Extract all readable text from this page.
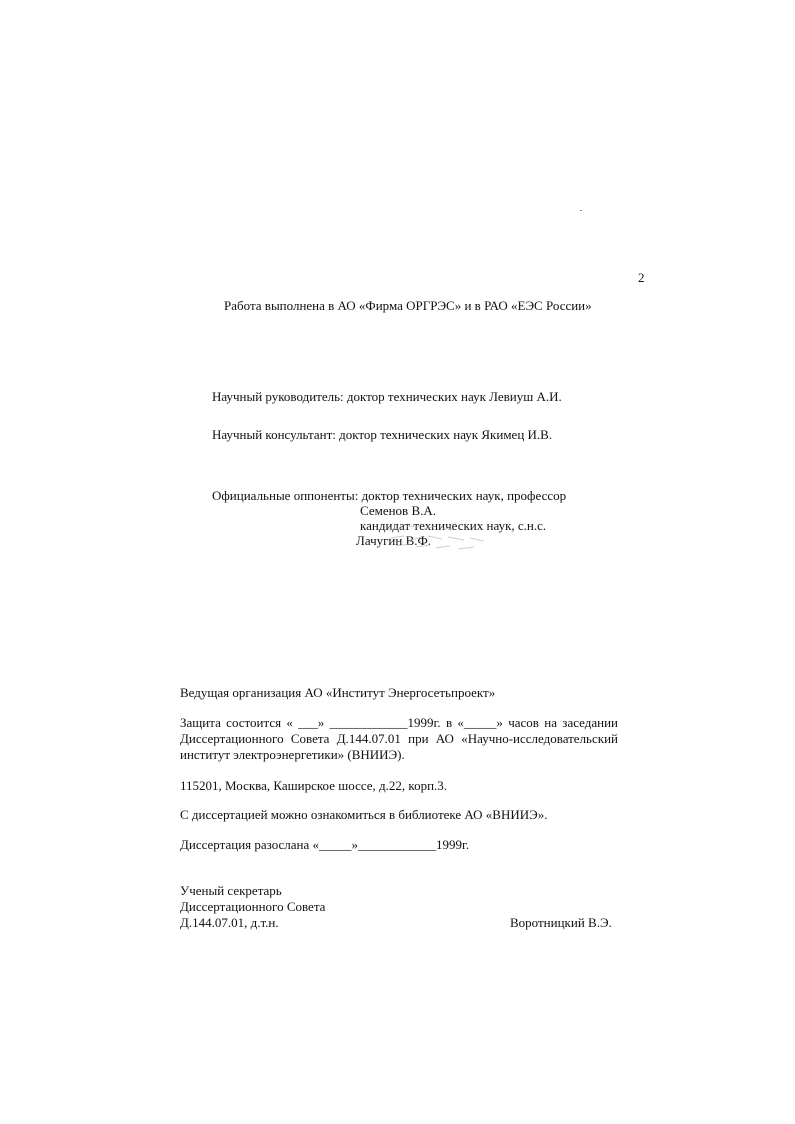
2
Работа выполнена в АО «Фирма ОРГРЭС» и в РАО «ЕЭС России»
Научный руководитель: доктор технических наук Левиуш А.И.
Научный консультант: доктор технических наук Якимец И.В.
Официальные оппоненты: доктор технических наук, профессор
Семенов В.А.
кандидат технических наук, с.н.с.
Лачугин В.Ф.
Ведущая организация АО «Институт Энергосетьпроект»
Защита состоится « ___» ____________1999г. в «_____» часов на заседании Диссертационного Совета Д.144.07.01 при АО «Научно-исследовательский институт электроэнергетики» (ВНИИЭ).
115201, Москва, Каширское шоссе, д.22, корп.3.
С диссертацией можно ознакомиться в библиотеке АО «ВНИИЭ».
Диссертация разослана «_____»____________1999г.
Ученый секретарь
Диссертационного Совета
Д.144.07.01, д.т.н.	Воротницкий В.Э.
